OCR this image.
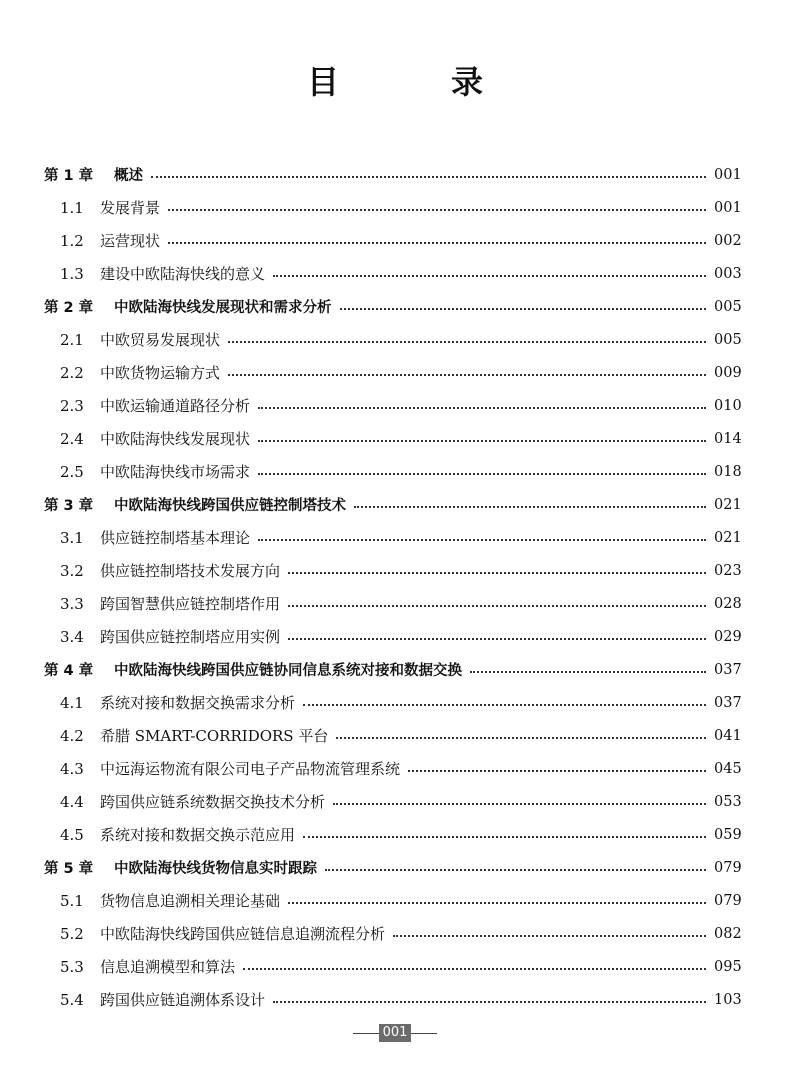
目　录
第 1 章	概述	001
1.1	发展背景	001
1.2	运营现状	002
1.3	建设中欧陆海快线的意义	003
第 2 章	中欧陆海快线发展现状和需求分析	005
2.1	中欧贸易发展现状	005
2.2	中欧货物运输方式	009
2.3	中欧运输通道路径分析	010
2.4	中欧陆海快线发展现状	014
2.5	中欧陆海快线市场需求	018
第 3 章	中欧陆海快线跨国供应链控制塔技术	021
3.1	供应链控制塔基本理论	021
3.2	供应链控制塔技术发展方向	023
3.3	跨国智慧供应链控制塔作用	028
3.4	跨国供应链控制塔应用实例	029
第 4 章	中欧陆海快线跨国供应链协同信息系统对接和数据交换	037
4.1	系统对接和数据交换需求分析	037
4.2	希腊 SMART-CORRIDORS 平台	041
4.3	中远海运物流有限公司电子产品物流管理系统	045
4.4	跨国供应链系统数据交换技术分析	053
4.5	系统对接和数据交换示范应用	059
第 5 章	中欧陆海快线货物信息实时跟踪	079
5.1	货物信息追溯相关理论基础	079
5.2	中欧陆海快线跨国供应链信息追溯流程分析	082
5.3	信息追溯模型和算法	095
5.4	跨国供应链追溯体系设计	103
001
